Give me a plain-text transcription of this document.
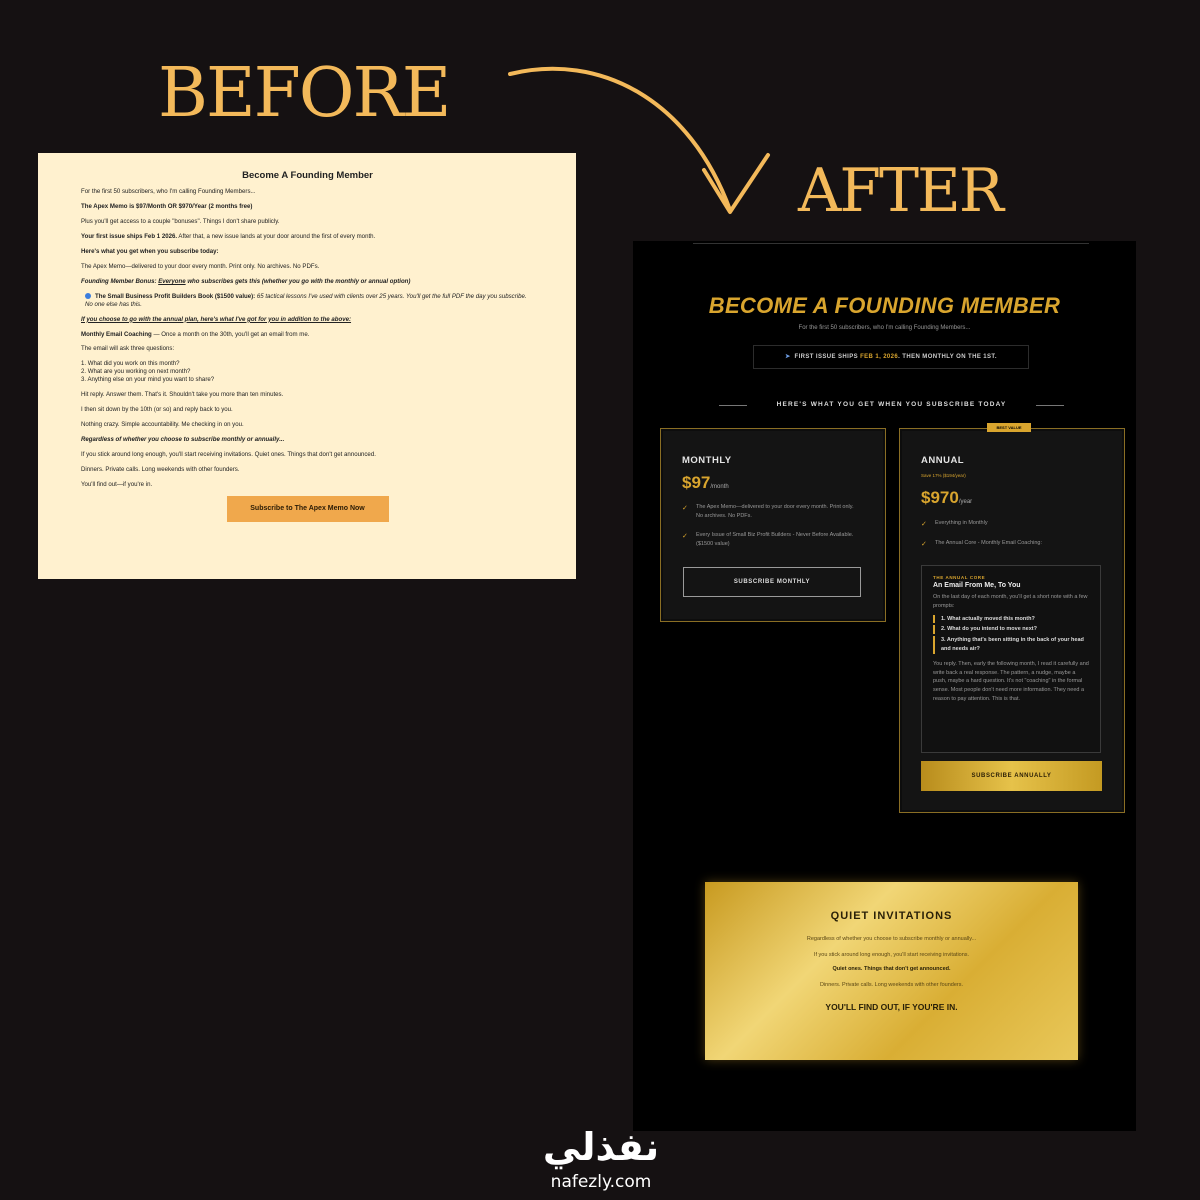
BEFORE
AFTER
Become A Founding Member

For the first 50 subscribers, who I'm calling Founding Members...

The Apex Memo is $97/Month OR $970/Year (2 months free)

Plus you'll get access to a couple "bonuses". Things I don't share publicly.

Your first issue ships Feb 1 2026. After that, a new issue lands at your door around the first of every month.

Here's what you get when you subscribe today:

The Apex Memo—delivered to your door every month. Print only. No archives. No PDFs.

Founding Member Bonus: Everyone who subscribes gets this (whether you go with the monthly or annual option)

The Small Business Profit Builders Book ($1500 value): 65 tactical lessons I've used with clients over 25 years. You'll get the full PDF the day you subscribe. No one else has this.

If you choose to go with the annual plan, here's what I've got for you in addition to the above:

Monthly Email Coaching — Once a month on the 30th, you'll get an email from me.

The email will ask three questions:

1. What did you work on this month?

2. What are you working on next month?

3. Anything else on your mind you want to share?

Hit reply. Answer them. That's it. Shouldn't take you more than ten minutes.

I then sit down by the 10th (or so) and reply back to you.

Nothing crazy. Simple accountability. Me checking in on you.

Regardless of whether you choose to subscribe monthly or annually...

If you stick around long enough, you'll start receiving invitations. Quiet ones. Things that don't get announced.

Dinners. Private calls. Long weekends with other founders.

You'll find out—if you're in.

Subscribe to The Apex Memo Now
BECOME A FOUNDING MEMBER
For the first 50 subscribers, who I'm calling Founding Members...
➤ FIRST ISSUE SHIPS FEB 1, 2026. THEN MONTHLY ON THE 1ST.
HERE'S WHAT YOU GET WHEN YOU SUBSCRIBE TODAY
MONTHLY
$97/month
✓ The Apex Memo—delivered to your door every month. Print only. No archives. No PDFs.
✓ Every Issue of Small Biz Profit Builders - Never Before Available. ($1500 value)
SUBSCRIBE MONTHLY
BEST VALUE
ANNUAL
Save 17% ($194/year)
$970/year
✓ Everything in Monthly
✓ The Annual Core - Monthly Email Coaching:
THE ANNUAL CORE
An Email From Me, To You
On the last day of each month, you'll get a short note with a few prompts:
1. What actually moved this month?
2. What do you intend to move next?
3. Anything that's been sitting in the back of your head and needs air?
You reply. Then, early the following month, I read it carefully and write back a real response. The pattern, a nudge, maybe a push, maybe a hard question. It's not "coaching" in the formal sense. Most people don't need more information. They need a reason to pay attention. This is that.
SUBSCRIBE ANNUALLY
QUIET INVITATIONS
Regardless of whether you choose to subscribe monthly or annually...
If you stick around long enough, you'll start receiving invitations.
Quiet ones. Things that don't get announced.
Dinners. Private calls. Long weekends with other founders.
YOU'LL FIND OUT, IF YOU'RE IN.
نفذلي
nafezly.com
